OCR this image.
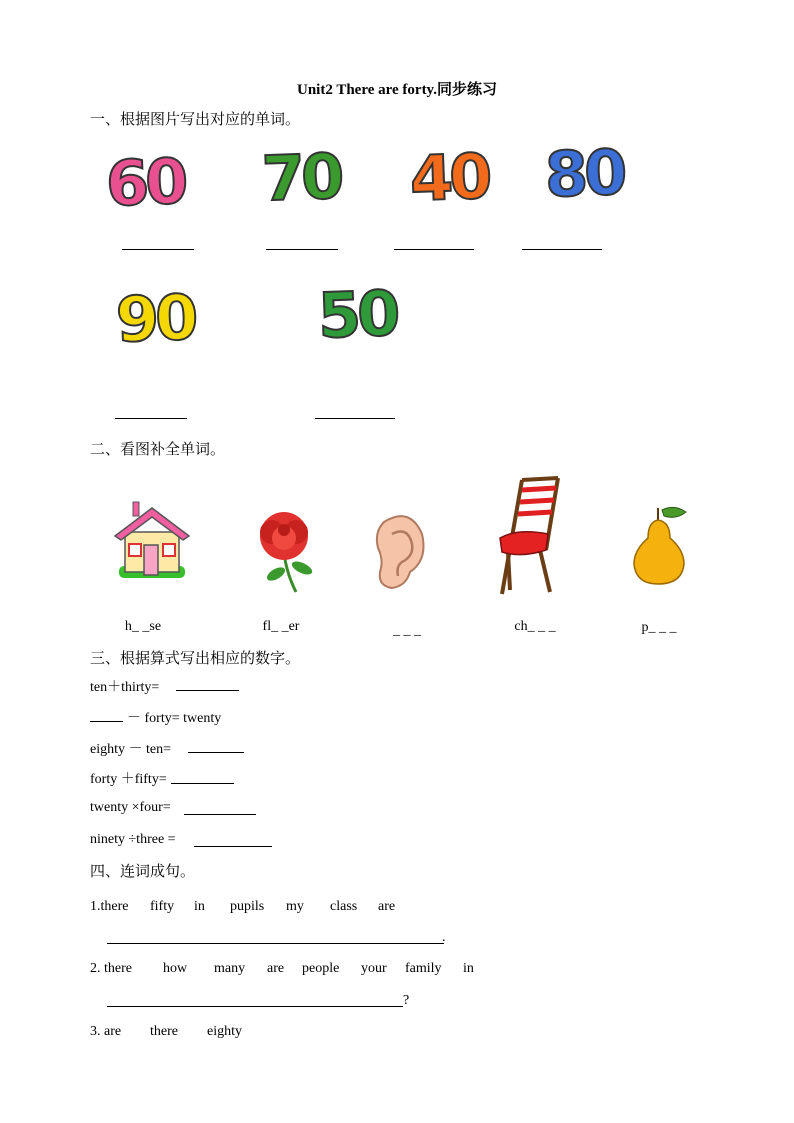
Unit2 There are forty.同步练习
一、根据图片写出对应的单词。
60 70 40 80
90 50
二、看图补全单词。
h_ _se	fl_ _er	_ _ _	ch_ _ _	p_ _ _
三、根据算式写出相应的数字。
ten＋thirty=
－ forty= twenty
eighty － ten=
forty ＋fifty=
twenty ×four=
ninety ÷three =
四、连词成句。
1.there fifty in pupils my class are
.
2. there how many are people your family in
?
3. are there eighty
